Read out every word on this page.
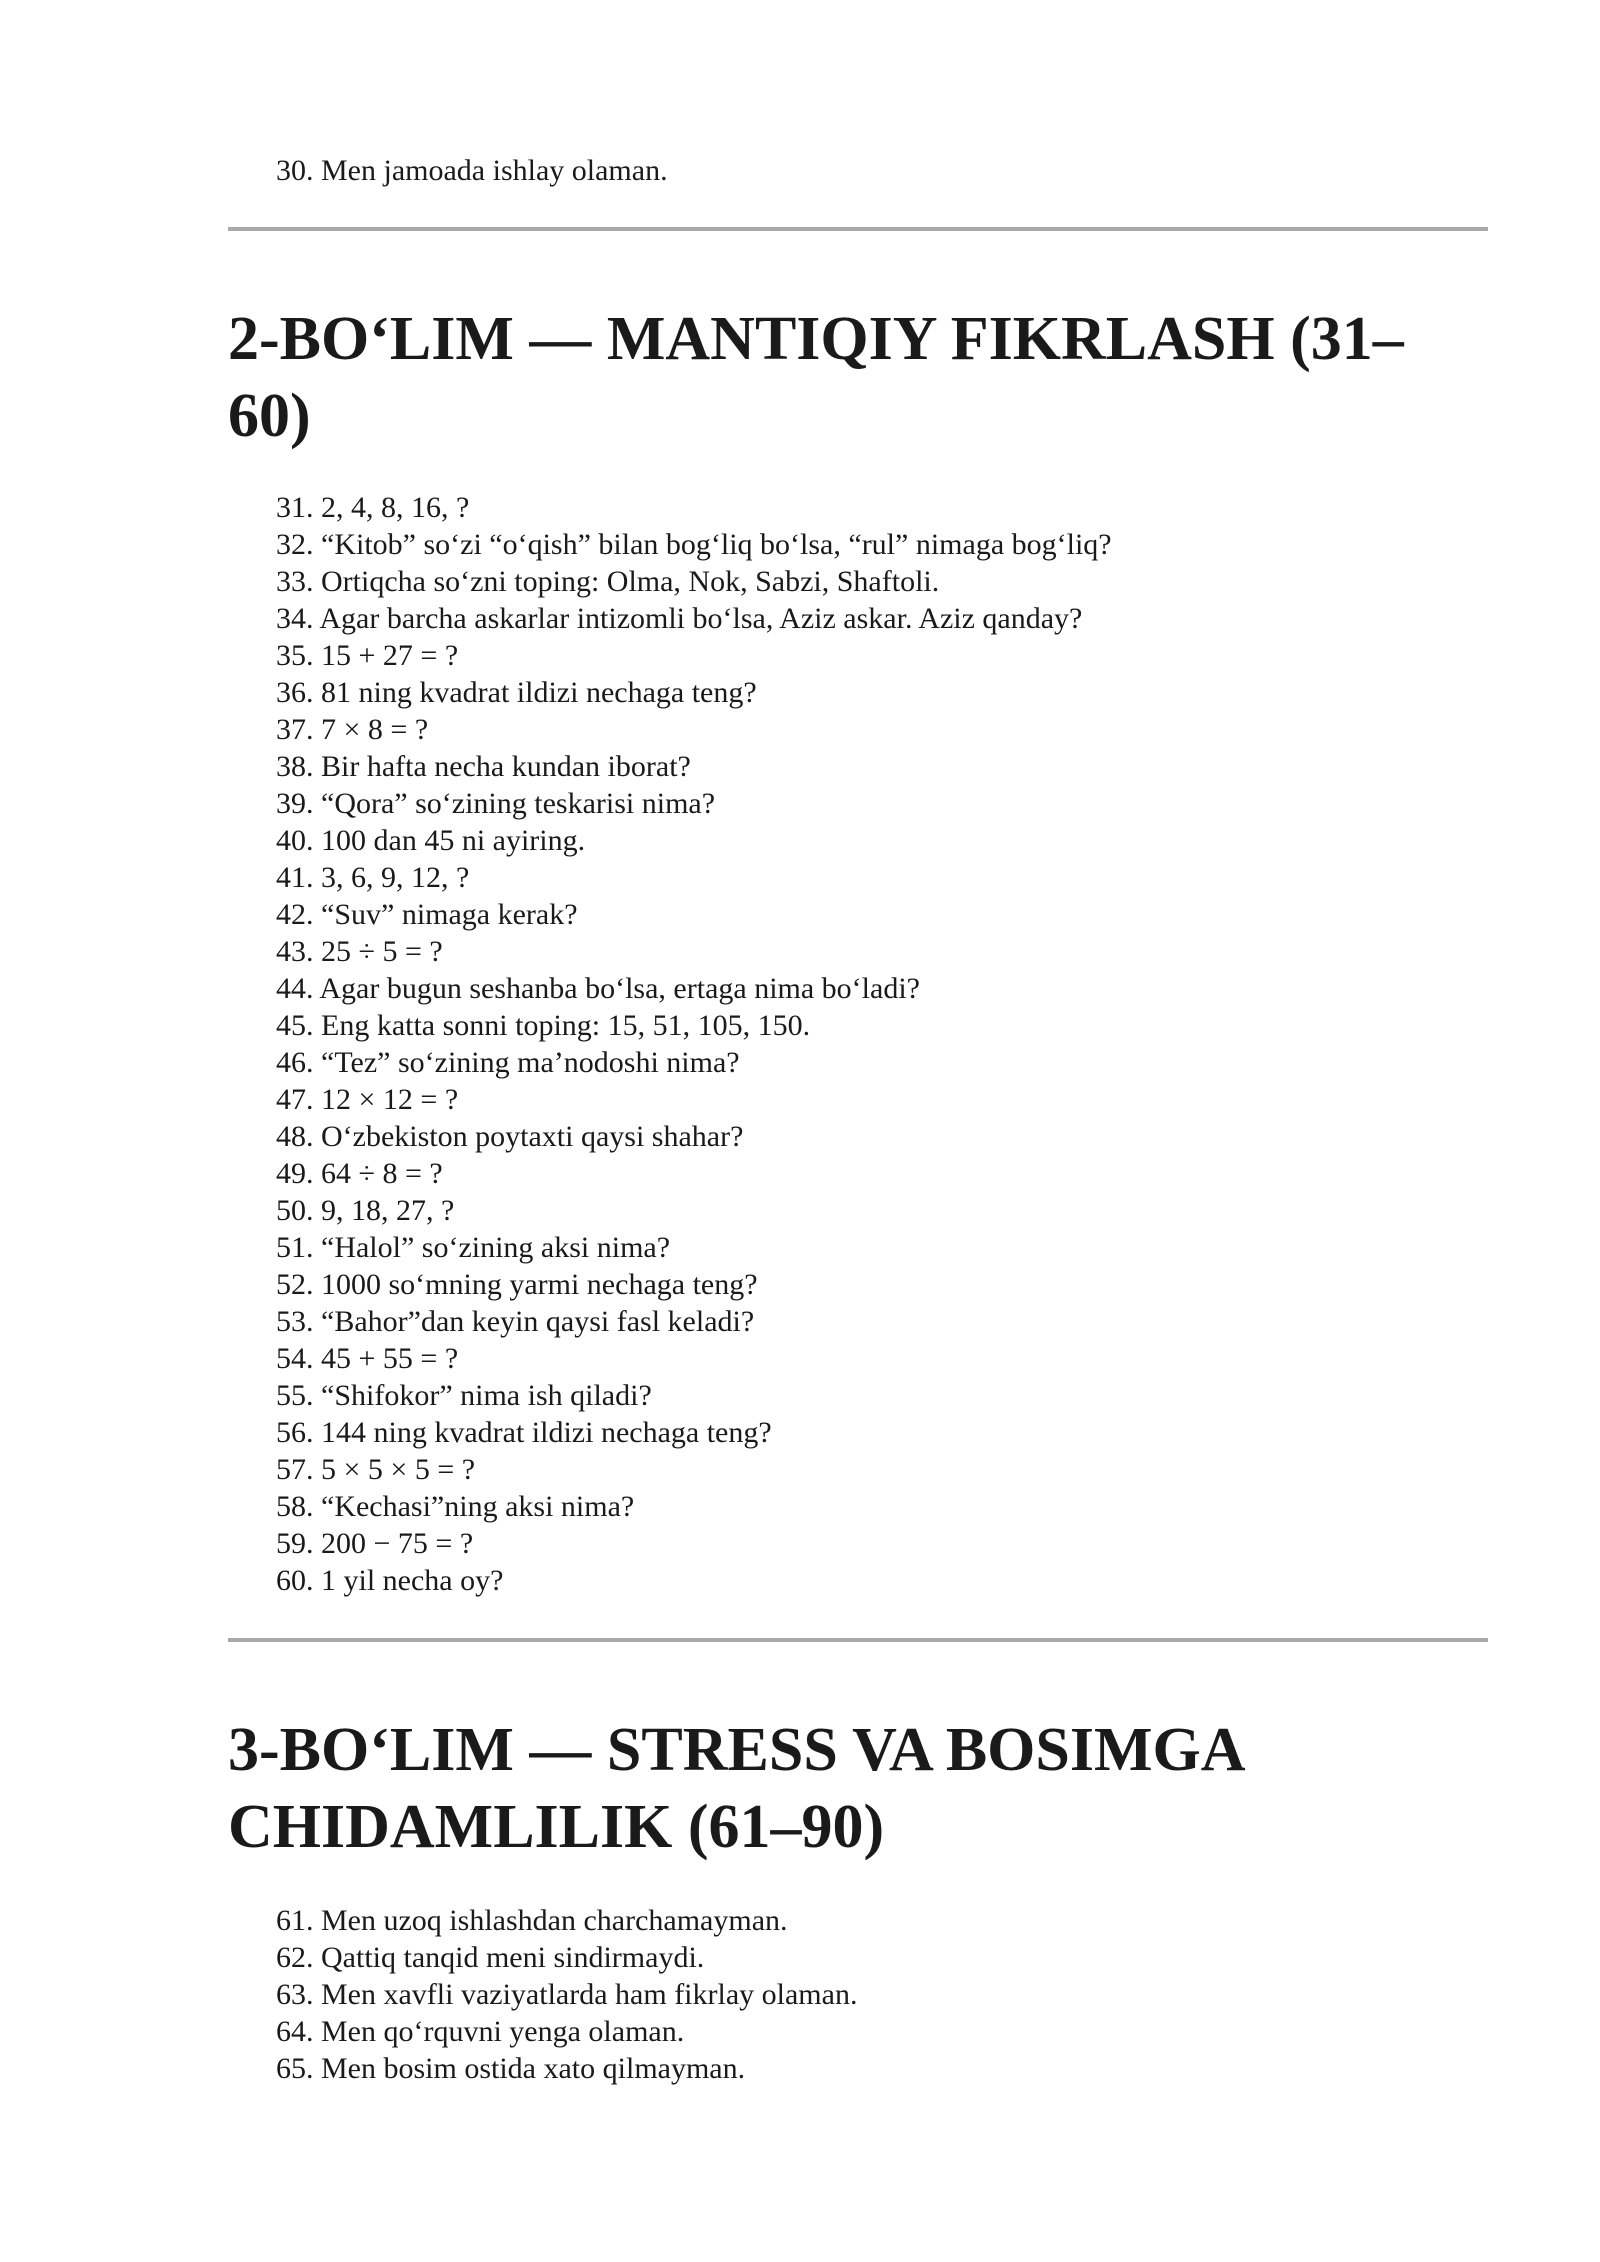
30. Men jamoada ishlay olaman.
2-BO‘LIM — MANTIQIY FIKRLASH (31–
60)
31. 2, 4, 8, 16, ?
32. “Kitob” so‘zi “o‘qish” bilan bog‘liq bo‘lsa, “rul” nimaga bog‘liq?
33. Ortiqcha so‘zni toping: Olma, Nok, Sabzi, Shaftoli.
34. Agar barcha askarlar intizomli bo‘lsa, Aziz askar. Aziz qanday?
35. 15 + 27 = ?
36. 81 ning kvadrat ildizi nechaga teng?
37. 7 × 8 = ?
38. Bir hafta necha kundan iborat?
39. “Qora” so‘zining teskarisi nima?
40. 100 dan 45 ni ayiring.
41. 3, 6, 9, 12, ?
42. “Suv” nimaga kerak?
43. 25 ÷ 5 = ?
44. Agar bugun seshanba bo‘lsa, ertaga nima bo‘ladi?
45. Eng katta sonni toping: 15, 51, 105, 150.
46. “Tez” so‘zining ma’nodoshi nima?
47. 12 × 12 = ?
48. O‘zbekiston poytaxti qaysi shahar?
49. 64 ÷ 8 = ?
50. 9, 18, 27, ?
51. “Halol” so‘zining aksi nima?
52. 1000 so‘mning yarmi nechaga teng?
53. “Bahor”dan keyin qaysi fasl keladi?
54. 45 + 55 = ?
55. “Shifokor” nima ish qiladi?
56. 144 ning kvadrat ildizi nechaga teng?
57. 5 × 5 × 5 = ?
58. “Kechasi”ning aksi nima?
59. 200 − 75 = ?
60. 1 yil necha oy?
3-BO‘LIM — STRESS VA BOSIMGA
CHIDAMLILIK (61–90)
61. Men uzoq ishlashdan charchamayman.
62. Qattiq tanqid meni sindirmaydi.
63. Men xavfli vaziyatlarda ham fikrlay olaman.
64. Men qo‘rquvni yenga olaman.
65. Men bosim ostida xato qilmayman.
